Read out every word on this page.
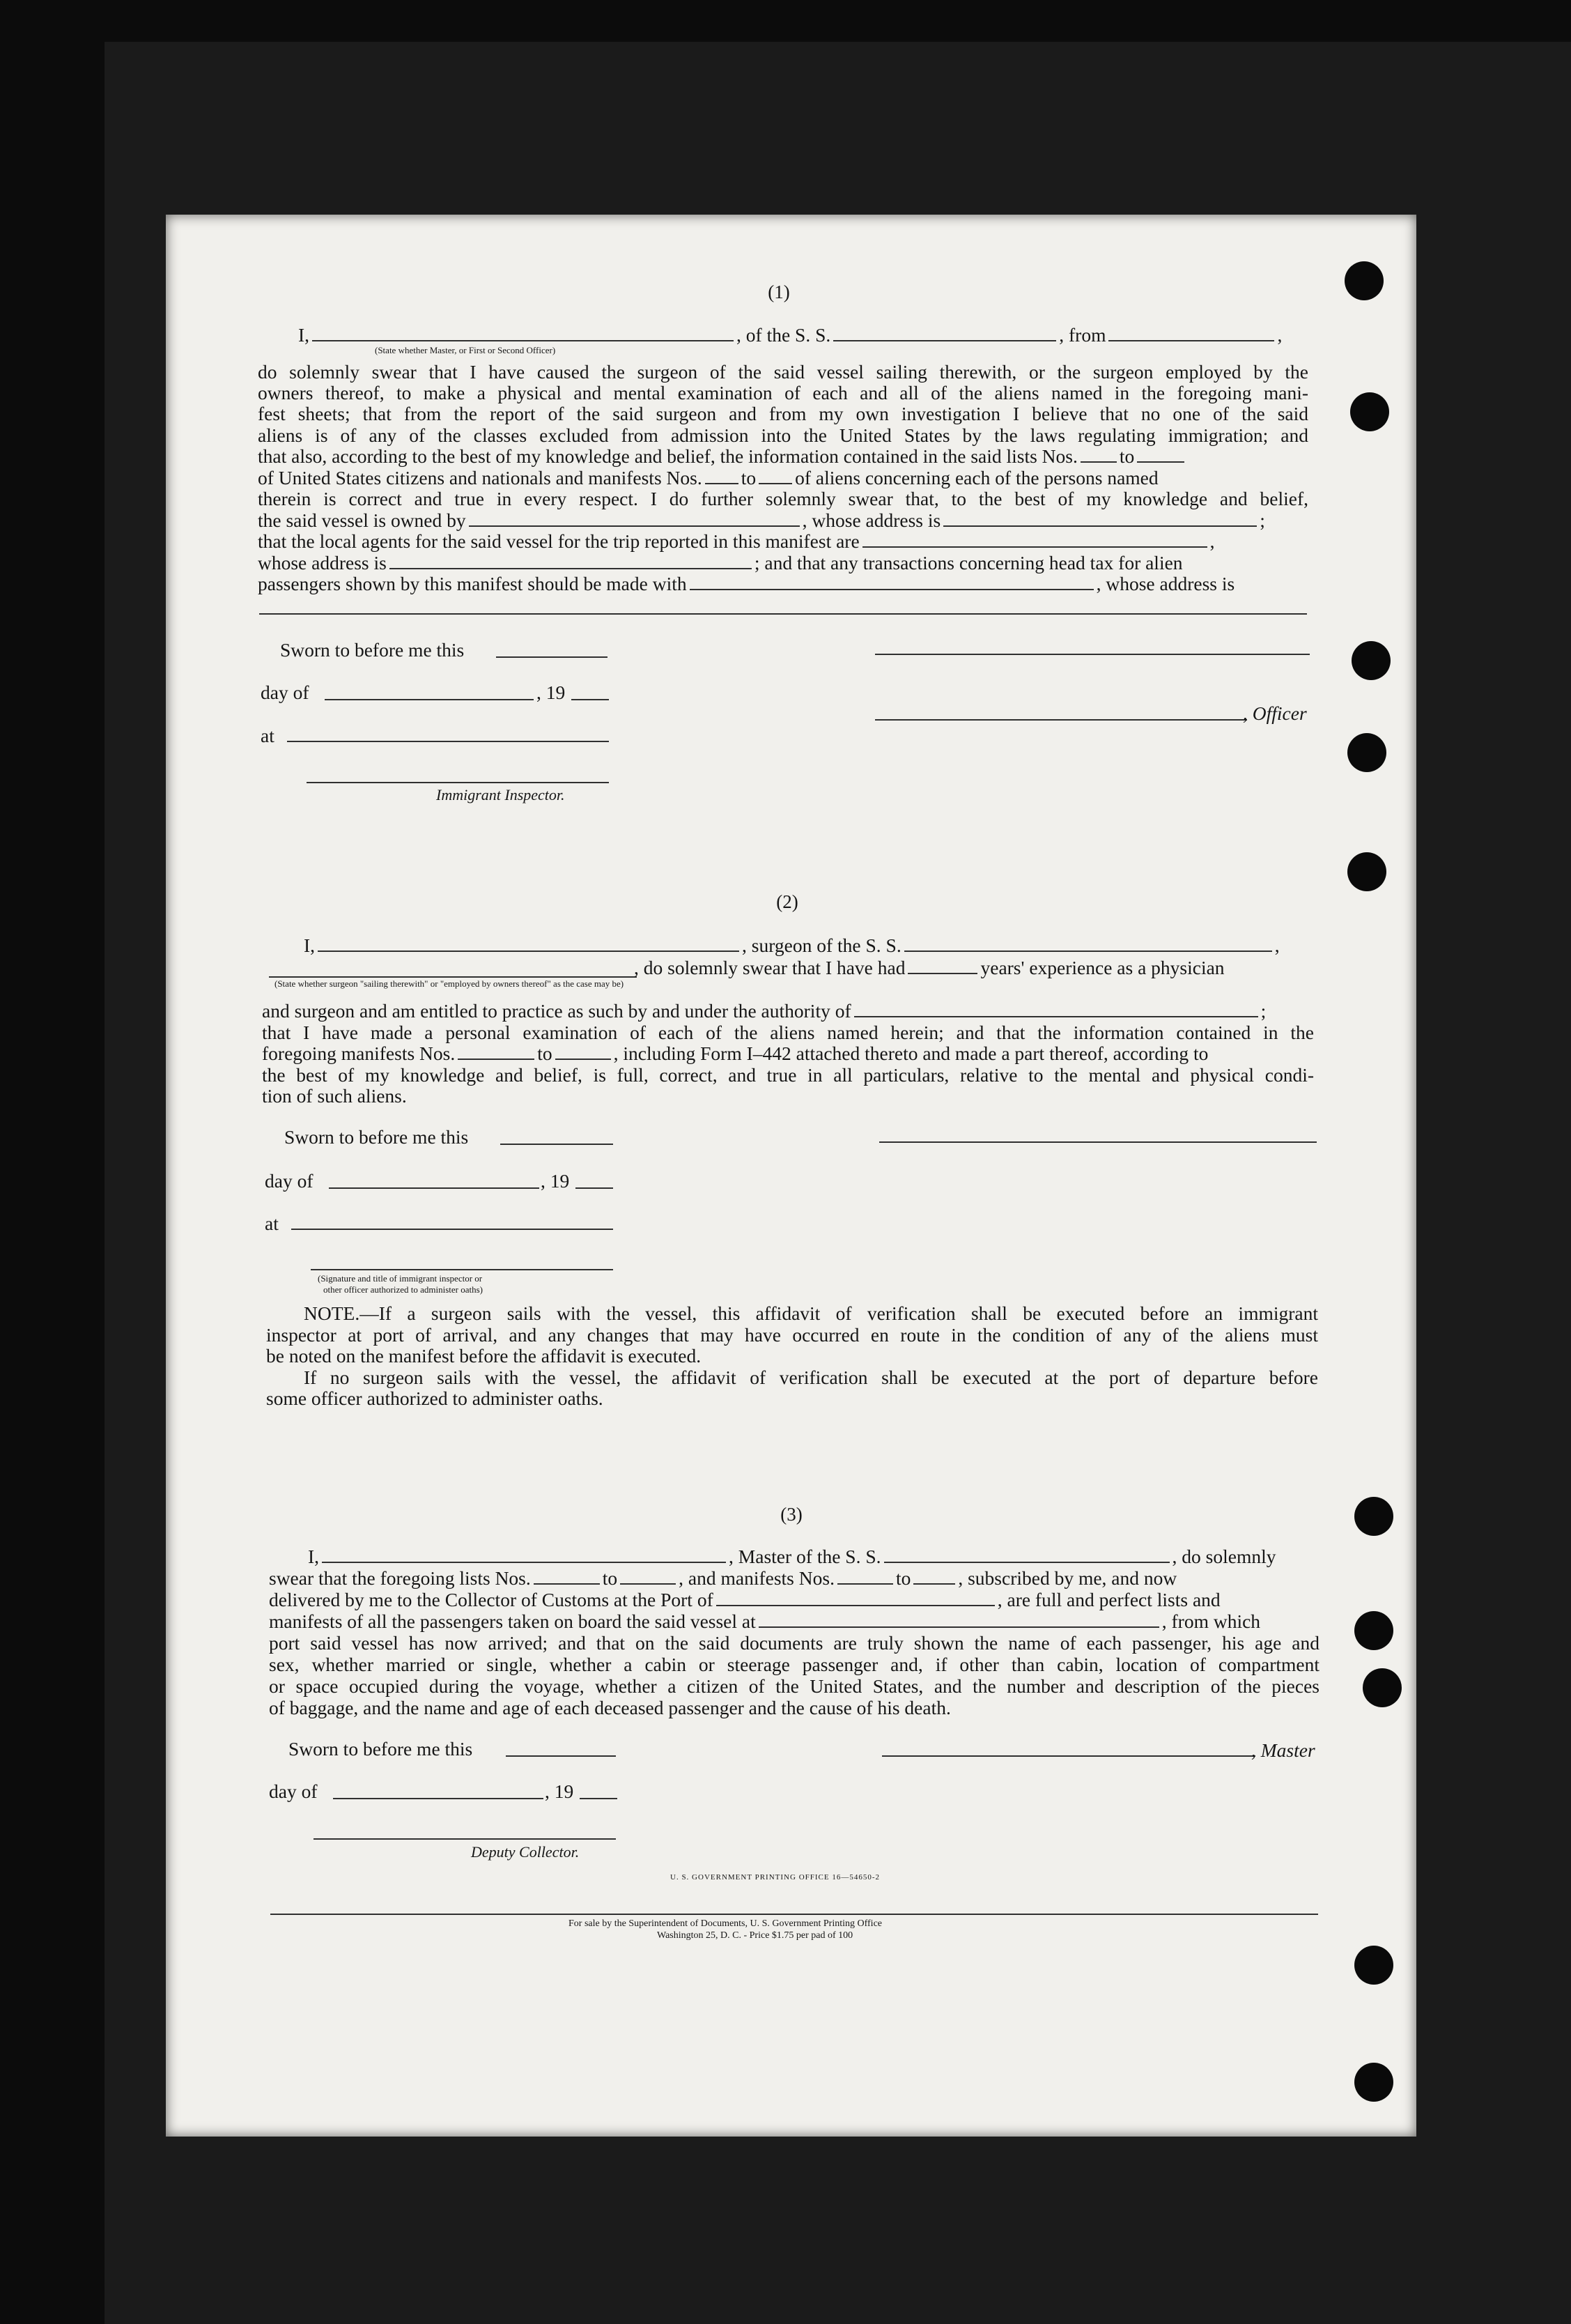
(1)
I,	, of the S. S.	, from	,
(State whether Master, or First or Second Officer)
do solemnly swear that I have caused the surgeon of the said vessel sailing therewith, or the surgeon employed by the
owners thereof, to make a physical and mental examination of each and all of the aliens named in the foregoing mani-
fest sheets; that from the report of the said surgeon and from my own investigation I believe that no one of the said
aliens is of any of the classes excluded from admission into the United States by the laws regulating immigration; and
that also, according to the best of my knowledge and belief, the information contained in the said lists Nos. to
of United States citizens and nationals and manifests Nos. to of aliens concerning each of the persons named
therein is correct and true in every respect. I do further solemnly swear that, to the best of my knowledge and belief,
the said vessel is owned by	, whose address is	;
that the local agents for the said vessel for the trip reported in this manifest are	,
whose address is	; and that any transactions concerning head tax for alien
passengers shown by this manifest should be made with	, whose address is
Sworn to before me this
day of	, 19
, Officer
at
Immigrant Inspector.
(2)
I,	, surgeon of the S. S.	,
, do solemnly swear that I have had	years' experience as a physician
(State whether surgeon "sailing therewith" or "employed by owners thereof" as the case may be)
and surgeon and am entitled to practice as such by and under the authority of	;
that I have made a personal examination of each of the aliens named herein; and that the information contained in the
foregoing manifests Nos.	to	, including Form I–442 attached thereto and made a part thereof, according to
the best of my knowledge and belief, is full, correct, and true in all particulars, relative to the mental and physical condi-
tion of such aliens.
Sworn to before me this
day of	, 19
at
(Signature and title of immigrant inspector or
other officer authorized to administer oaths)
NOTE.—If a surgeon sails with the vessel, this affidavit of verification shall be executed before an immigrant
inspector at port of arrival, and any changes that may have occurred en route in the condition of any of the aliens must
be noted on the manifest before the affidavit is executed.
If no surgeon sails with the vessel, the affidavit of verification shall be executed at the port of departure before
some officer authorized to administer oaths.
(3)
I,	, Master of the S. S.	, do solemnly
swear that the foregoing lists Nos.	to	, and manifests Nos.	to , subscribed by me, and now
delivered by me to the Collector of Customs at the Port of	, are full and perfect lists and
manifests of all the passengers taken on board the said vessel at	, from which
port said vessel has now arrived; and that on the said documents are truly shown the name of each passenger, his age and
sex, whether married or single, whether a cabin or steerage passenger and, if other than cabin, location of compartment
or space occupied during the voyage, whether a citizen of the United States, and the number and description of the pieces
of baggage, and the name and age of each deceased passenger and the cause of his death.
Sworn to before me this	, Master
day of	, 19
Deputy Collector.
U. S. GOVERNMENT PRINTING OFFICE 16—54650-2
For sale by the Superintendent of Documents, U. S. Government Printing Office
Washington 25, D. C. - Price $1.75 per pad of 100
